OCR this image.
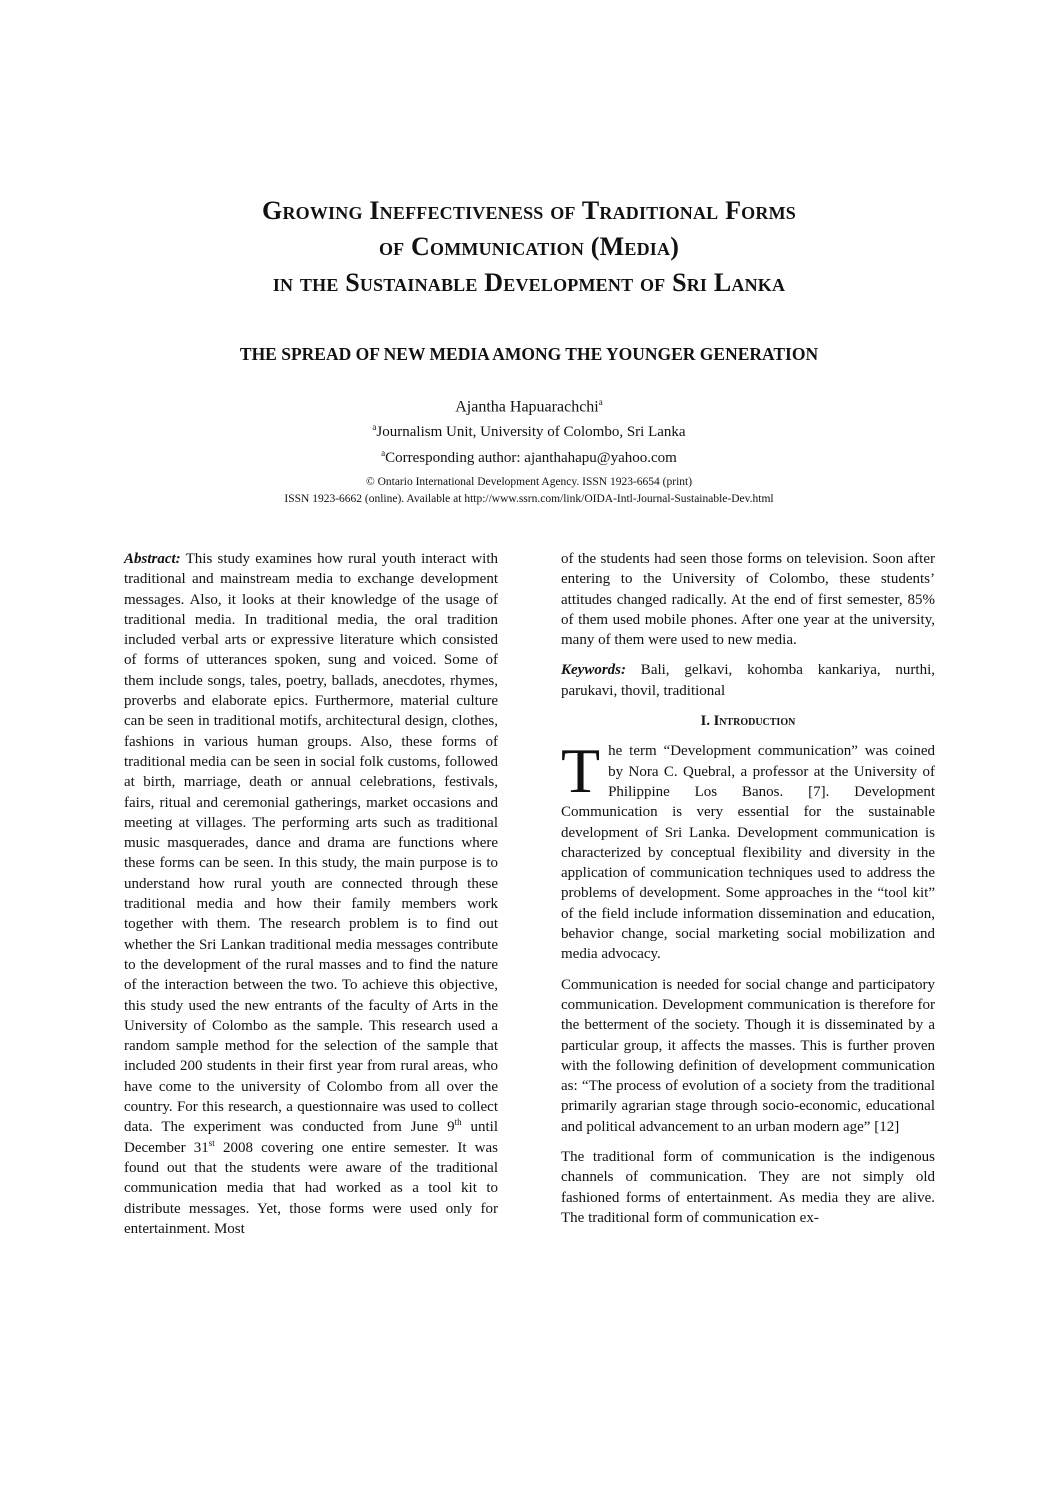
Growing Ineffectiveness of Traditional Forms
of Communication (Media)
in the Sustainable Development of Sri Lanka
THE SPREAD OF NEW MEDIA AMONG THE YOUNGER GENERATION
Ajantha Hapuarachchi$^a$
$^a$Journalism Unit, University of Colombo, Sri Lanka
$^a$Corresponding author: ajanthahapu@yahoo.com
© Ontario International Development Agency. ISSN 1923-6654 (print)
ISSN 1923-6662 (online). Available at http://www.ssrn.com/link/OIDA-Intl-Journal-Sustainable-Dev.html

Abstract: This study examines how rural youth interact with traditional and mainstream media to exchange development messages. Also, it looks at their knowledge of the usage of traditional media. In traditional media, the oral tradition included verbal arts or expressive literature which consisted of forms of utterances spoken, sung and voiced. Some of them include songs, tales, poetry, ballads, anecdotes, rhymes, proverbs and elaborate epics. Furthermore, material culture can be seen in traditional motifs, architectural design, clothes, fashions in various human groups. Also, these forms of traditional media can be seen in social folk customs, followed at birth, marriage, death or annual celebrations, festivals, fairs, ritual and ceremonial gatherings, market occasions and meeting at villages. The performing arts such as traditional music masquerades, dance and drama are functions where these forms can be seen. In this study, the main purpose is to understand how rural youth are connected through these traditional media and how their family members work together with them. The research problem is to find out whether the Sri Lankan traditional media messages contribute to the development of the rural masses and to find the nature of the interaction between the two. To achieve this objective, this study used the new entrants of the faculty of Arts in the University of Colombo as the sample. This research used a random sample method for the selection of the sample that included 200 students in their first year from rural areas, who have come to the university of Colombo from all over the country. For this research, a questionnaire was used to collect data. The experiment was conducted from June 9th until December 31st 2008 covering one entire semester. It was found out that the students were aware of the traditional communication media that had worked as a tool kit to distribute messages. Yet, those forms were used only for entertainment. Most

of the students had seen those forms on television. Soon after entering to the University of Colombo, these students’ attitudes changed radically. At the end of first semester, 85% of them used mobile phones. After one year at the university, many of them were used to new media.

Keywords: Bali, gelkavi, kohomba kankariya, nurthi, parukavi, thovil, traditional

I. Introduction

The term “Development communication” was coined by Nora C. Quebral, a professor at the University of Philippine Los Banos. [7]. Development Communication is very essential for the sustainable development of Sri Lanka. Development communication is characterized by conceptual flexibility and diversity in the application of communication techniques used to address the problems of development. Some approaches in the “tool kit” of the field include information dissemination and education, behavior change, social marketing social mobilization and media advocacy.

Communication is needed for social change and participatory communication. Development communication is therefore for the betterment of the society. Though it is disseminated by a particular group, it affects the masses. This is further proven with the following definition of development communication as: “The process of evolution of a society from the traditional primarily agrarian stage through socio-economic, educational and political advancement to an urban modern age” [12]

The traditional form of communication is the indigenous channels of communication. They are not simply old fashioned forms of entertainment. As media they are alive. The traditional form of communication ex-
